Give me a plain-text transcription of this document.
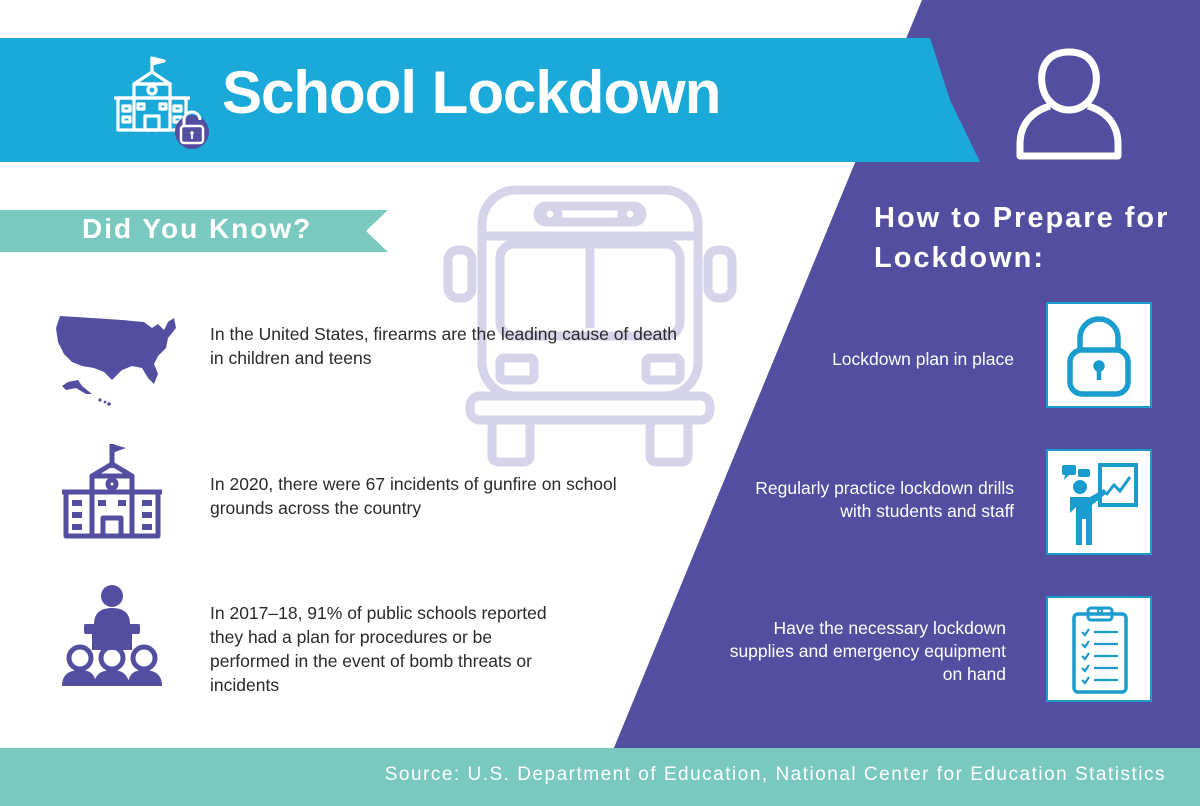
School Lockdown
Did You Know?
In the United States, firearms are the leading cause of death in children and teens
In 2020, there were 67 incidents of gunfire on school grounds across the country
In 2017–18, 91% of public schools reported they had a plan for procedures or be performed in the event of bomb threats or incidents
How to Prepare for Lockdown:
Lockdown plan in place
Regularly practice lockdown drills with students and staff
Have the necessary lockdown supplies and emergency equipment on hand
Source: U.S. Department of Education, National Center for Education Statistics
